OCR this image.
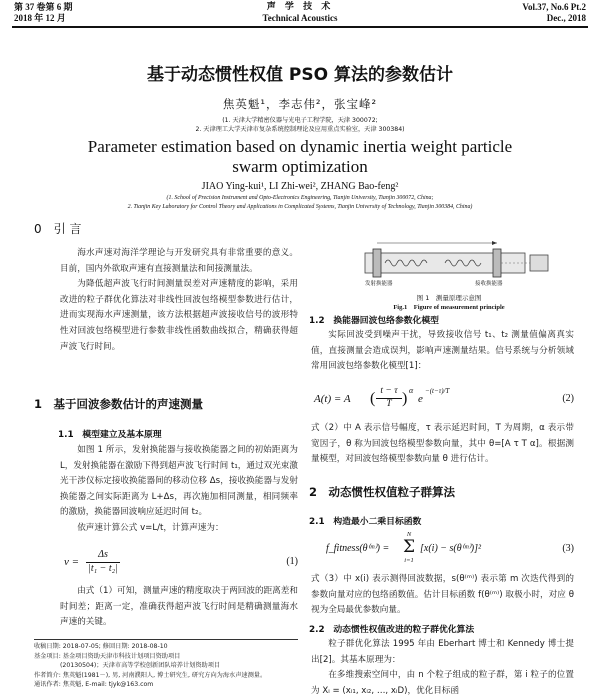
第 37 卷第 6 期
2018 年 12 月
声 学 技 术
Technical Acoustics
Vol.37, No.6 Pt.2
Dec., 2018
基于动态惯性权值 PSO 算法的参数估计
焦英魁¹，李志伟²，张宝峰²
(1. 天津大学精密仪器与光电子工程学院，天津 300072;
2. 天津理工大学天津市复杂系统控制理论及应用重点实验室，天津 300384)
Parameter estimation based on dynamic inertia weight particle
swarm optimization
JIAO Ying-kui¹, LI Zhi-wei², ZHANG Bao-feng²
(1. School of Precision Instrument and Opto-Electronics Engineering, Tianjin University, Tianjin 300072, China;
2. Tianjin Key Laboratory for Control Theory and Applications in Complicated Systems, Tianjin University of Technology, Tianjin 300384, China)
0　引 言

海水声速对海洋学理论与开发研究具有非常重要的意义。目前，国内外欲取声速有直接测量法和间接测量法。

为降低超声波飞行时间测量误差对声速精度的影响，采用改进的粒子群优化算法对非线性回波包络模型参数进行估计，进而实现海水声速测量，该方法根据超声波接收信号的波形特性对回波包络模型进行参数非线性函数曲线拟合，精确获得超声波飞行时间。

1　基于回波参数估计的声速测量
1.1　模型建立及基本原理

如图 1 所示，发射换能器与接收换能器之间的初始距离为 L，发射换能器在激励下得到超声波飞行时间 t₁，通过双光束激光干涉仪标定接收换能器间的移动位移 Δs，接收换能器与发射换能器之间实际距离为 L+Δs，再次施加相同测量，相同频率的激励，换能器回波响应延迟时间 t₂。

依声速计算公式 v=L/t，计算声速为：

v =
Δs
|t₁ − t₂|
(1)

由式（1）可知，测量声速的精度取决于两回波的距离差和时间差；距离一定，准确获得超声波飞行时间是精确测量海水声速的关键。

收稿日期: 2018-07-05; 修回日期: 2018-08-10
基金项目: 基金项目资助天津市科技计划项目资助项目
(20130504)；天津市高等学校创新团队培养计划资助项目
作者简介: 焦英魁(1981－), 男, 河南濮阳人, 博士研究生, 研究方向为海水声速测量。
通讯作者: 焦英魁, E-mail: tjyk@163.com
发射换能器	接收换能器
图 1　测量原理示意图
Fig.1　Figure of measurement principle
1.2　换能器回波包络参数化模型

实际回波受到噪声干扰，导致接收信号 t₁、t₂ 测量值偏离真实值，直接测量会造成误判，影响声速测量结果。信号系统与分析领域常用回波包络参数化模型[1]：

A(t) = A ( t − τ
T ) α
e
−(t−τ)/T
(2)

式（2）中 A 表示信号幅度，τ 表示延迟时间，T 为周期，α 表示带宽因子，θ 称为回波包络模型参数向量，其中 θ=[A τ T α]。根据测量模型，对回波包络模型参数向量 θ 进行估计。

2　动态惯性权值粒子群算法
2.1　构造最小二乘目标函数
f_fitness(θ⁽ᵐ⁾) =
N
Σ
i=1
[x(i) − s(θ⁽ᵐ⁾)]²	(3)

式（3）中 x(i) 表示测得回波数据，s(θ⁽ᵐ⁾) 表示第 m 次迭代得到的参数向量对应的包络函数值。估计目标函数 f(θ⁽ᵐ⁾) 取极小时，对应 θ 视为全局最优参数向量。

2.2　动态惯性权值改进的粒子群优化算法

粒子群优化算法 1995 年由 Eberhart 博士和 Kennedy 博士提出[2]。其基本原理为：

在多维搜索空间中，由 n 个粒子组成的粒子群，第 i 粒子的位置为 Xᵢ = (xᵢ₁, xᵢ₂, …, xᵢD)，优化目标函
